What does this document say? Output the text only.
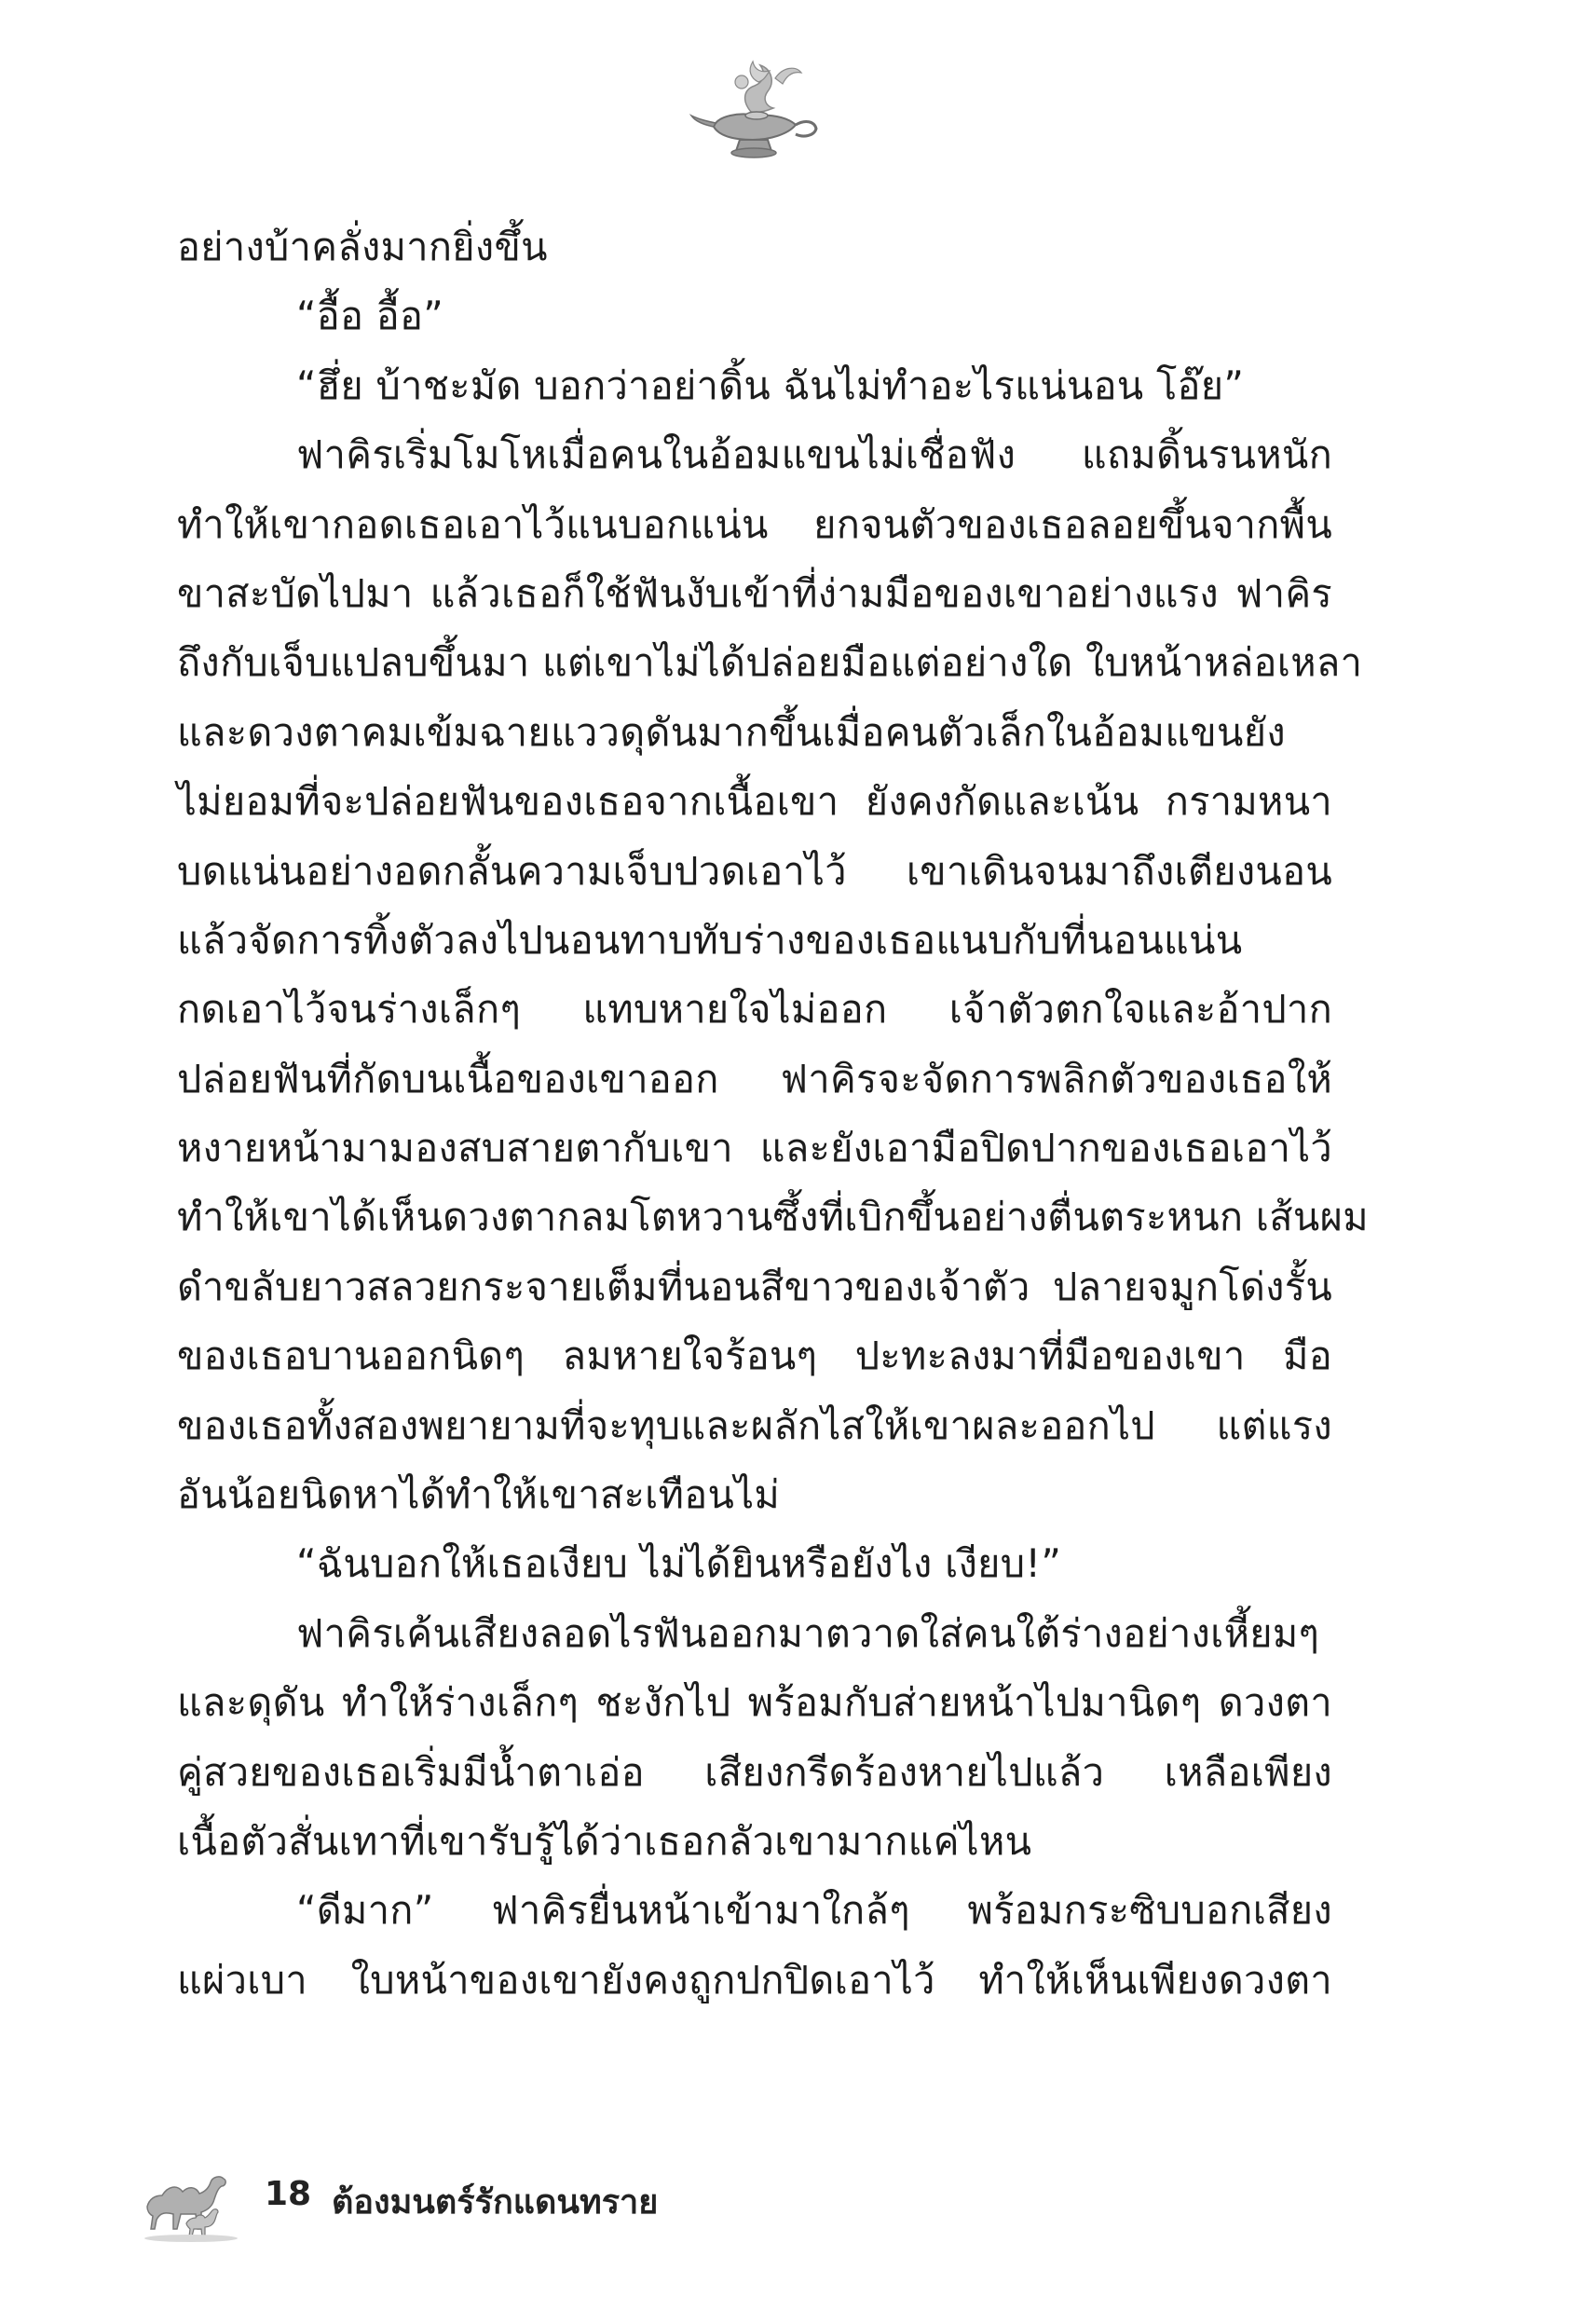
อย่างบ้าคลั่งมากยิ่งขึ้น
“อื้อ อื้อ”
“ฮึ่ย บ้าชะมัด บอกว่าอย่าดิ้น ฉันไม่ทำอะไรแน่นอน โอ๊ย”
ฟาคิรเริ่มโมโหเมื่อคนในอ้อมแขนไม่เชื่อฟัง แถมดิ้นรนหนัก
ทำให้เขากอดเธอเอาไว้แนบอกแน่น ยกจนตัวของเธอลอยขึ้นจากพื้น
ขาสะบัดไปมา แล้วเธอก็ใช้ฟันงับเข้าที่ง่ามมือของเขาอย่างแรง ฟาคิร
ถึงกับเจ็บแปลบขึ้นมา แต่เขาไม่ได้ปล่อยมือแต่อย่างใด ใบหน้าหล่อเหลา
และดวงตาคมเข้มฉายแววดุดันมากขึ้นเมื่อคนตัวเล็กในอ้อมแขนยัง
ไม่ยอมที่จะปล่อยฟันของเธอจากเนื้อเขา ยังคงกัดและเน้น กรามหนา
บดแน่นอย่างอดกลั้นความเจ็บปวดเอาไว้ เขาเดินจนมาถึงเตียงนอน
แล้วจัดการทิ้งตัวลงไปนอนทาบทับร่างของเธอแนบกับที่นอนแน่น
กดเอาไว้จนร่างเล็กๆ แทบหายใจไม่ออก เจ้าตัวตกใจและอ้าปาก
ปล่อยฟันที่กัดบนเนื้อของเขาออก ฟาคิรจะจัดการพลิกตัวของเธอให้
หงายหน้ามามองสบสายตากับเขา และยังเอามือปิดปากของเธอเอาไว้
ทำให้เขาได้เห็นดวงตากลมโตหวานซึ้งที่เบิกขึ้นอย่างตื่นตระหนก เส้นผม
ดำขลับยาวสลวยกระจายเต็มที่นอนสีขาวของเจ้าตัว ปลายจมูกโด่งรั้น
ของเธอบานออกนิดๆ ลมหายใจร้อนๆ ปะทะลงมาที่มือของเขา มือ
ของเธอทั้งสองพยายามที่จะทุบและผลักไสให้เขาผละออกไป แต่แรง
อันน้อยนิดหาได้ทำให้เขาสะเทือนไม่
“ฉันบอกให้เธอเงียบ ไม่ได้ยินหรือยังไง เงียบ!”
ฟาคิรเค้นเสียงลอดไรฟันออกมาตวาดใส่คนใต้ร่างอย่างเหี้ยมๆ
และดุดัน ทำให้ร่างเล็กๆ ชะงักไป พร้อมกับส่ายหน้าไปมานิดๆ ดวงตา
คู่สวยของเธอเริ่มมีน้ำตาเอ่อ เสียงกรีดร้องหายไปแล้ว เหลือเพียง
เนื้อตัวสั่นเทาที่เขารับรู้ได้ว่าเธอกลัวเขามากแค่ไหน
“ดีมาก” ฟาคิรยื่นหน้าเข้ามาใกล้ๆ พร้อมกระซิบบอกเสียง
แผ่วเบา ใบหน้าของเขายังคงถูกปกปิดเอาไว้ ทำให้เห็นเพียงดวงตา
18 ต้องมนตร์รักแดนทราย
